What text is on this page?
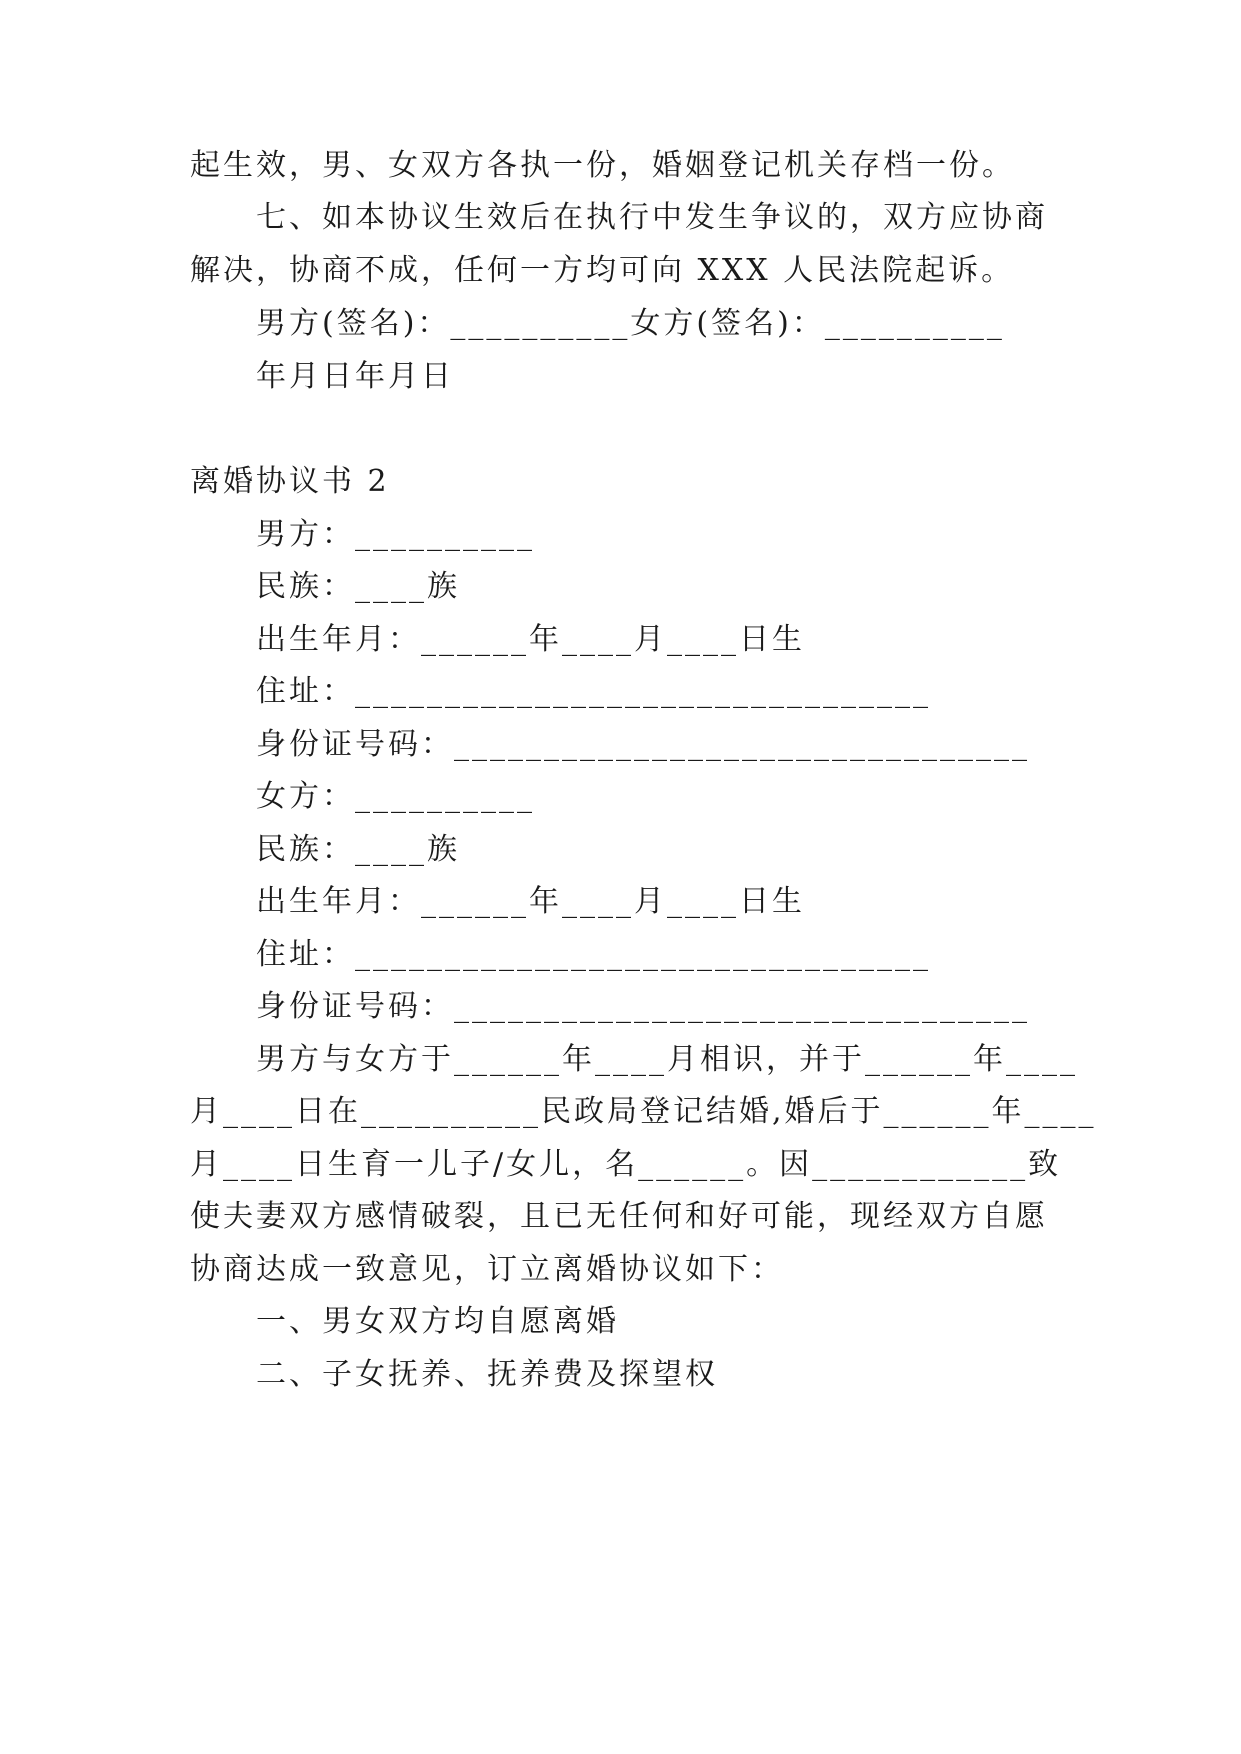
起生效，男、女双方各执一份，婚姻登记机关存档一份。
七、如本协议生效后在执行中发生争议的，双方应协商
解决，协商不成，任何一方均可向 XXX 人民法院起诉。
男方(签名)：__________女方(签名)：__________
年月日年月日
离婚协议书 2
男方：__________
民族：____族
出生年月：______年____月____日生
住址：________________________________
身份证号码：________________________________
女方：__________
民族：____族
出生年月：______年____月____日生
住址：________________________________
身份证号码：________________________________
男方与女方于______年____月相识，并于______年____
月____日在__________民政局登记结婚,婚后于______年____
月____日生育一儿子/女儿，名______。因____________致
使夫妻双方感情破裂，且已无任何和好可能，现经双方自愿
协商达成一致意见，订立离婚协议如下：
一、男女双方均自愿离婚
二、子女抚养、抚养费及探望权
